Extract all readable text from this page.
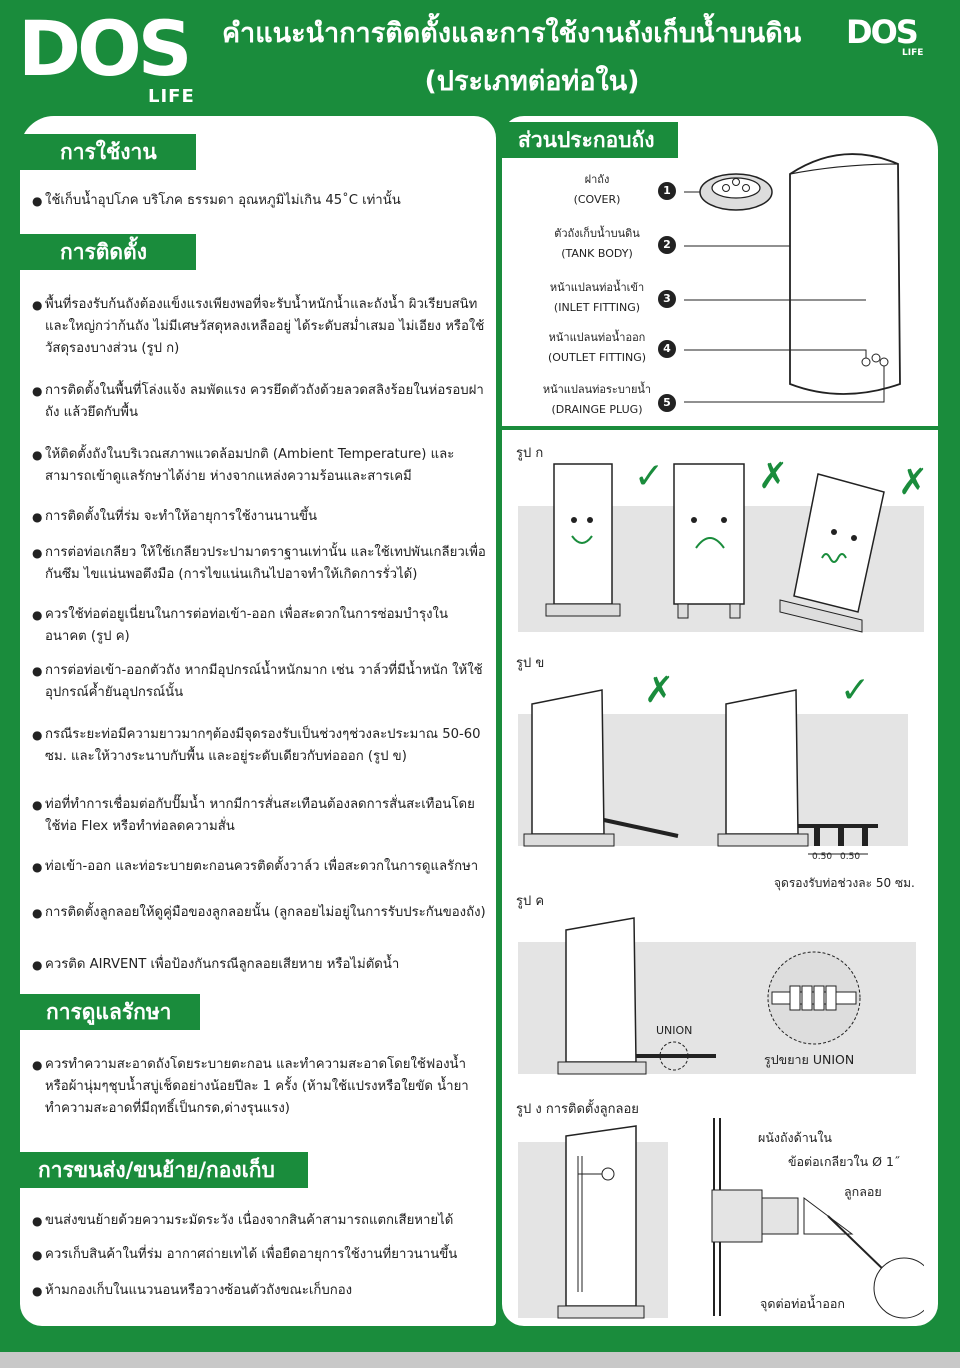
DOS
LIFE
คำแนะนำการติดตั้งและการใช้งานถังเก็บน้ำบนดิน
(ประเภทต่อท่อใน)
DOS
LIFE
การใช้งาน
● ใช้เก็บน้ำอุปโภค บริโภค ธรรมดา อุณหภูมิไม่เกิน 45˚C เท่านั้น
การติดตั้ง
● พื้นที่รองรับก้นถังต้องแข็งแรงเพียงพอที่จะรับน้ำหนักน้ำและถังน้ำ ผิวเรียบสนิท และใหญ่กว่าก้นถัง ไม่มีเศษวัสดุหลงเหลืออยู่ ได้ระดับสม่ำเสมอ ไม่เอียง หรือใช้วัสดุรองบางส่วน (รูป ก)
● การติดตั้งในพื้นที่โล่งแจ้ง ลมพัดแรง ควรยึดตัวถังด้วยลวดสลิงร้อยในห่อรอบฝาถัง แล้วยึดกับพื้น
● ให้ติดตั้งถังในบริเวณสภาพแวดล้อมปกติ (Ambient Temperature) และสามารถเข้าดูแลรักษาได้ง่าย ห่างจากแหล่งความร้อนและสารเคมี
● การติดตั้งในที่ร่ม จะทำให้อายุการใช้งานนานขึ้น
● การต่อท่อเกลียว ให้ใช้เกลียวประปามาตราฐานเท่านั้น และใช้เทปพันเกลียวเพื่อกันซึม ไขแน่นพอตึงมือ (การไขแน่นเกินไปอาจทำให้เกิดการรั่วได้)
● ควรใช้ท่อต่อยูเนี่ยนในการต่อท่อเข้า-ออก เพื่อสะดวกในการซ่อมบำรุงในอนาคต (รูป ค)
● การต่อท่อเข้า-ออกตัวถัง หากมีอุปกรณ์น้ำหนักมาก เช่น วาล์วที่มีน้ำหนัก ให้ใช้อุปกรณ์ค้ำยันอุปกรณ์นั้น
● กรณีระยะท่อมีความยาวมากๆต้องมีจุดรองรับเป็นช่วงๆช่วงละประมาณ 50-60 ซม. และให้วางระนาบกับพื้น และอยู่ระดับเดียวกับท่อออก (รูป ข)
● ท่อที่ทำการเชื่อมต่อกับปั๊มน้ำ หากมีการสั่นสะเทือนต้องลดการสั่นสะเทือนโดยใช้ท่อ Flex หรือทำท่อลดความสั่น
● ท่อเข้า-ออก และท่อระบายตะกอนควรติดตั้งวาล์ว เพื่อสะดวกในการดูแลรักษา
● การติดตั้งลูกลอยให้ดูคู่มือของลูกลอยนั้น (ลูกลอยไม่อยู่ในการรับประกันของถัง)
● ควรติด AIRVENT เพื่อป้องกันกรณีลูกลอยเสียหาย หรือไม่ตัดน้ำ
การดูแลรักษา
● ควรทำความสะอาดถังโดยระบายตะกอน และทำความสะอาดโดยใช้ฟองน้ำหรือผ้านุ่มๆชุบน้ำสบู่เช็ดอย่างน้อยปีละ 1 ครั้ง (ห้ามใช้แปรงหรือใยขัด น้ำยาทำความสะอาดที่มีฤทธิ์เป็นกรด,ด่างรุนแรง)
การขนส่ง/ขนย้าย/กองเก็บ
● ขนส่งขนย้ายด้วยความระมัดระวัง เนื่องจากสินค้าสามารถแตกเสียหายได้
● ควรเก็บสินค้าในที่ร่ม อากาศถ่ายเทได้ เพื่อยืดอายุการใช้งานที่ยาวนานขึ้น
● ห้ามกองเก็บในแนวนอนหรือวางซ้อนตัวถังขณะเก็บกอง
ส่วนประกอบถัง
ฝาถัง
(COVER)
ตัวถังเก็บน้ำบนดิน
(TANK BODY)
หน้าแปลนท่อน้ำเข้า
(INLET FITTING)
หน้าแปลนท่อน้ำออก
(OUTLET FITTING)
หน้าแปลนท่อระบายน้ำ
(DRAINGE PLUG)
1
2
3
4
5
รูป ก
✓	✗	✗
รูป ข
✗	✓
0.50 0.50
จุดรองรับท่อช่วงละ 50 ซม.
รูป ค
UNION
รูปขยาย UNION
รูป ง การติดตั้งลูกลอย
ผนังถังด้านใน
ข้อต่อเกลียวใน Ø 1˝
ลูกลอย
จุดต่อท่อน้ำออก
